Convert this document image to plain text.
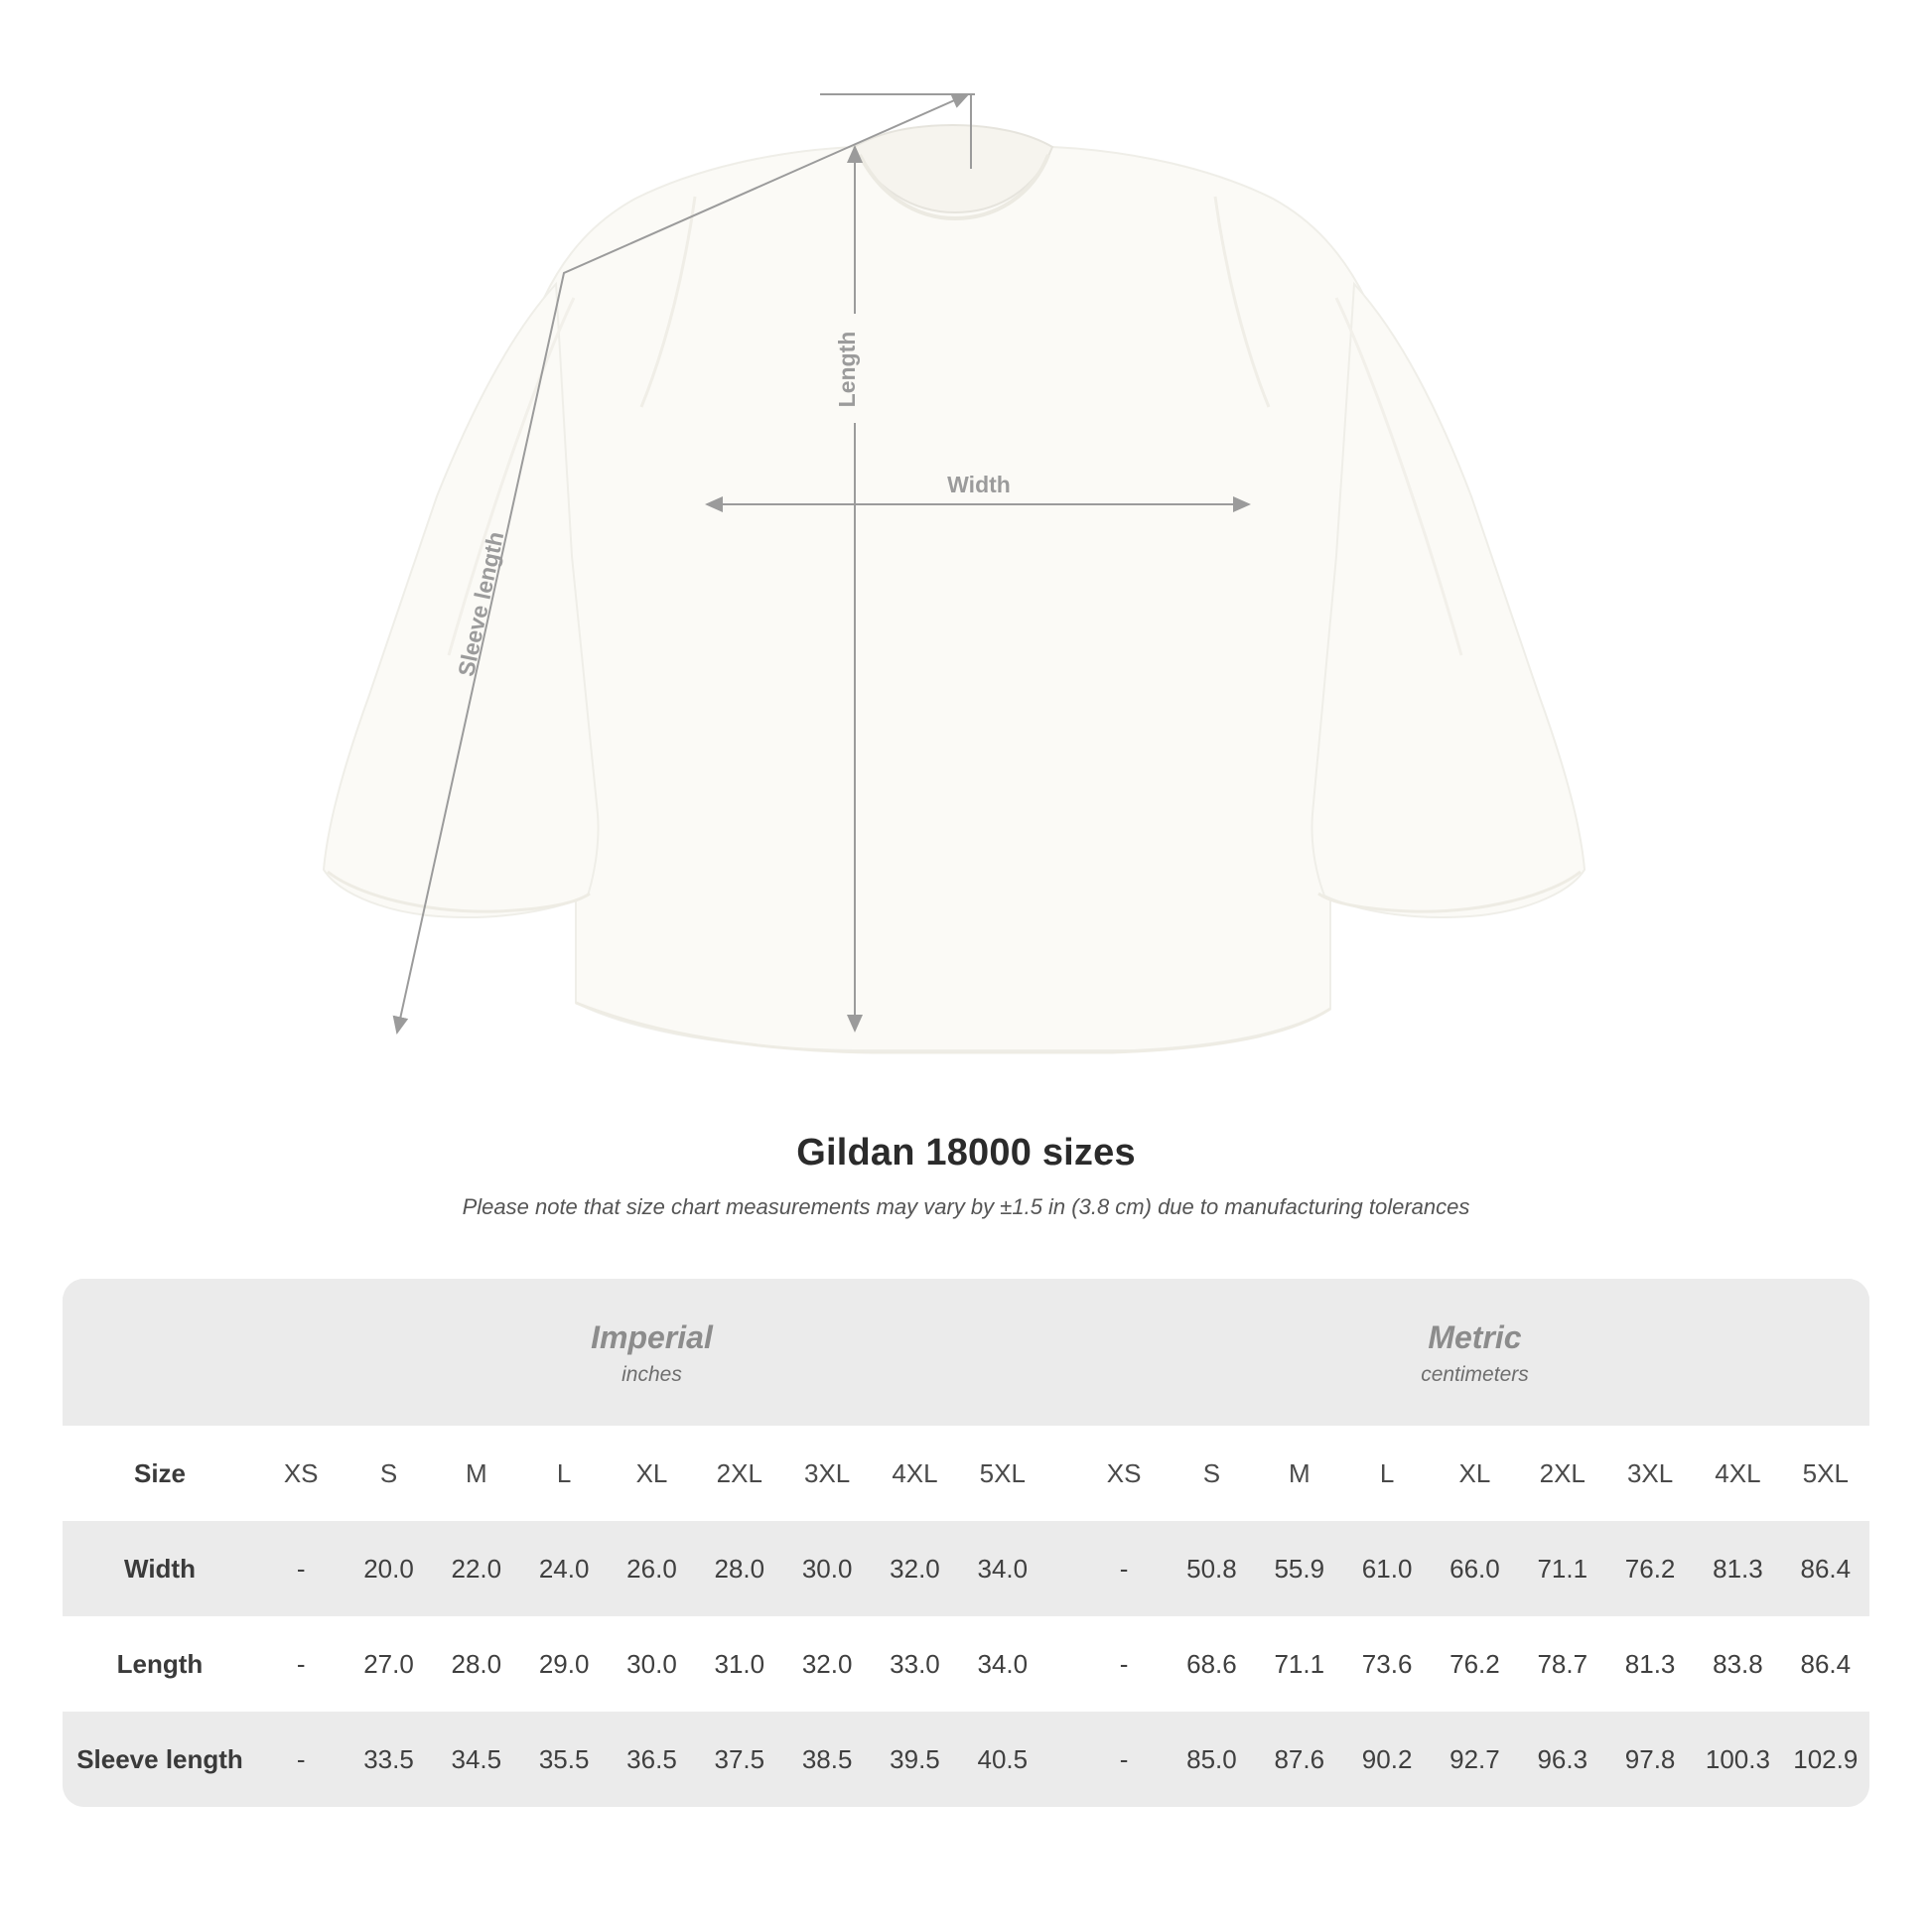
Length
Width
Sleeve length
Gildan 18000 sizes
Please note that size chart measurements may vary by ±1.5 in (3.8 cm) due to manufacturing tolerances

Imperial
inches

Metric
centimeters

Size	XS	S	M	L	XL	2XL	3XL	4XL	5XL		XS	S	M	L	XL	2XL	3XL	4XL	5XL
Width	-	20.0	22.0	24.0	26.0	28.0	30.0	32.0	34.0		-	50.8	55.9	61.0	66.0	71.1	76.2	81.3	86.4
Length	-	27.0	28.0	29.0	30.0	31.0	32.0	33.0	34.0		-	68.6	71.1	73.6	76.2	78.7	81.3	83.8	86.4
Sleeve length	-	33.5	34.5	35.5	36.5	37.5	38.5	39.5	40.5		-	85.0	87.6	90.2	92.7	96.3	97.8	100.3	102.9
